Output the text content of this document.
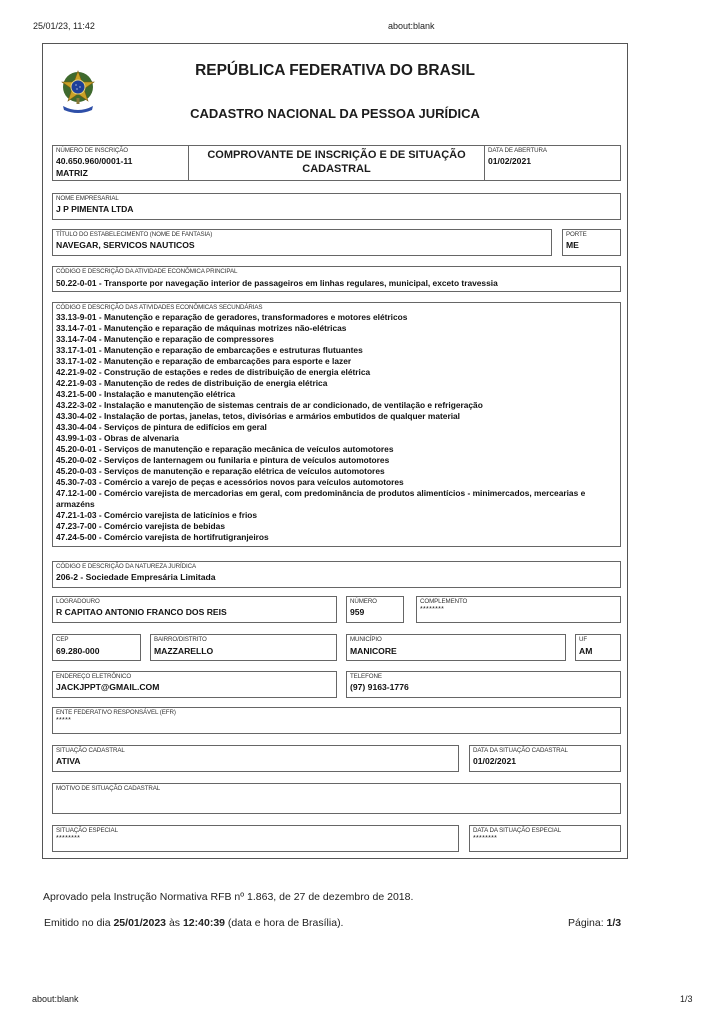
25/01/23, 11:42	about:blank
REPÚBLICA FEDERATIVA DO BRASIL
CADASTRO NACIONAL DA PESSOA JURÍDICA
NÚMERO DE INSCRIÇÃO
40.650.960/0001-11
MATRIZ
COMPROVANTE DE INSCRIÇÃO E DE SITUAÇÃO
CADASTRAL
DATA DE ABERTURA
01/02/2021
NOME EMPRESARIAL
J P PIMENTA LTDA
TÍTULO DO ESTABELECIMENTO (NOME DE FANTASIA)
NAVEGAR, SERVICOS NAUTICOS
PORTE
ME
CÓDIGO E DESCRIÇÃO DA ATIVIDADE ECONÔMICA PRINCIPAL
50.22-0-01 - Transporte por navegação interior de passageiros em linhas regulares, municipal, exceto travessia
CÓDIGO E DESCRIÇÃO DAS ATIVIDADES ECONÔMICAS SECUNDÁRIAS
33.13-9-01 - Manutenção e reparação de geradores, transformadores e motores elétricos
33.14-7-01 - Manutenção e reparação de máquinas motrizes não-elétricas
33.14-7-04 - Manutenção e reparação de compressores
33.17-1-01 - Manutenção e reparação de embarcações e estruturas flutuantes
33.17-1-02 - Manutenção e reparação de embarcações para esporte e lazer
42.21-9-02 - Construção de estações e redes de distribuição de energia elétrica
42.21-9-03 - Manutenção de redes de distribuição de energia elétrica
43.21-5-00 - Instalação e manutenção elétrica
43.22-3-02 - Instalação e manutenção de sistemas centrais de ar condicionado, de ventilação e refrigeração
43.30-4-02 - Instalação de portas, janelas, tetos, divisórias e armários embutidos de qualquer material
43.30-4-04 - Serviços de pintura de edifícios em geral
43.99-1-03 - Obras de alvenaria
45.20-0-01 - Serviços de manutenção e reparação mecânica de veículos automotores
45.20-0-02 - Serviços de lanternagem ou funilaria e pintura de veículos automotores
45.20-0-03 - Serviços de manutenção e reparação elétrica de veículos automotores
45.30-7-03 - Comércio a varejo de peças e acessórios novos para veículos automotores
47.12-1-00 - Comércio varejista de mercadorias em geral, com predominância de produtos alimentícios - minimercados, mercearias e armazéns
47.21-1-03 - Comércio varejista de laticínios e frios
47.23-7-00 - Comércio varejista de bebidas
47.24-5-00 - Comércio varejista de hortifrutigranjeiros
CÓDIGO E DESCRIÇÃO DA NATUREZA JURÍDICA
206-2 - Sociedade Empresária Limitada
LOGRADOURO
R CAPITAO ANTONIO FRANCO DOS REIS
NÚMERO
959
COMPLEMENTO
********
CEP
69.280-000
BAIRRO/DISTRITO
MAZZARELLO
MUNICÍPIO
MANICORE
UF
AM
ENDEREÇO ELETRÔNICO
JACKJPPT@GMAIL.COM
TELEFONE
(97) 9163-1776
ENTE FEDERATIVO RESPONSÁVEL (EFR)
*****
SITUAÇÃO CADASTRAL
ATIVA
DATA DA SITUAÇÃO CADASTRAL
01/02/2021
MOTIVO DE SITUAÇÃO CADASTRAL
SITUAÇÃO ESPECIAL
********
DATA DA SITUAÇÃO ESPECIAL
********
Aprovado pela Instrução Normativa RFB nº 1.863, de 27 de dezembro de 2018.
Emitido no dia 25/01/2023 às 12:40:39 (data e hora de Brasília).	Página: 1/3
about:blank	1/3
